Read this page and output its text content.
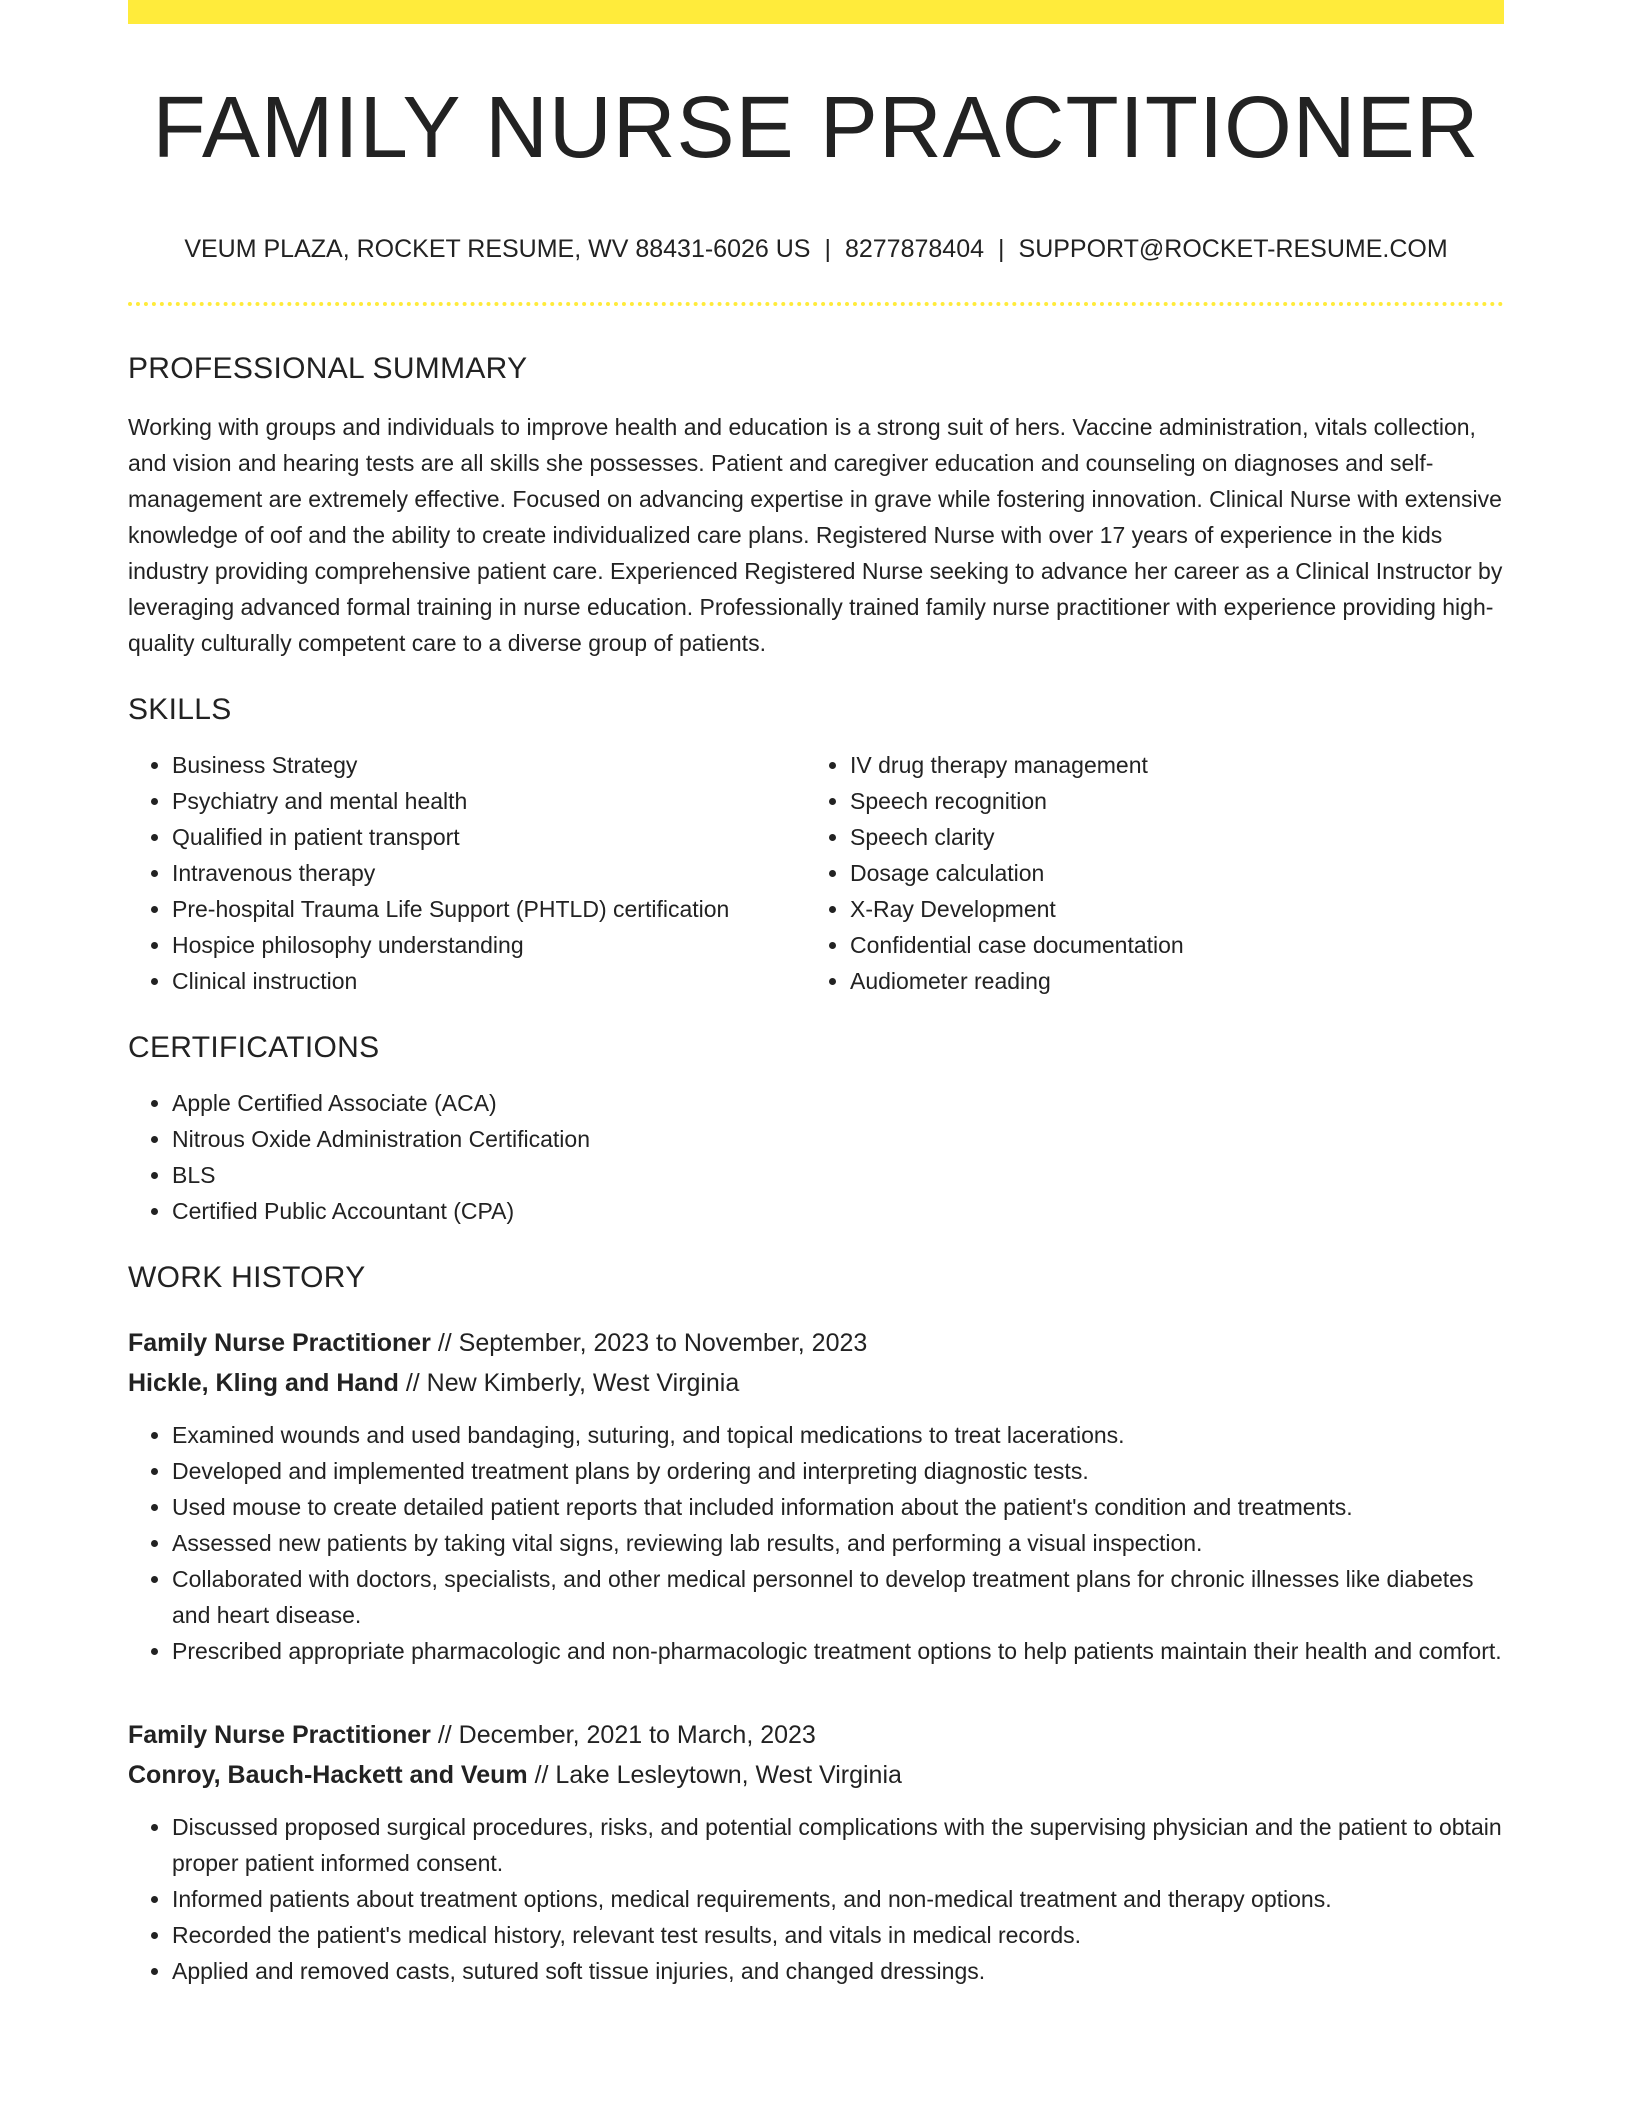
FAMILY NURSE PRACTITIONER
VEUM PLAZA, ROCKET RESUME, WV 88431-6026 US | 8277878404 | SUPPORT@ROCKET-RESUME.COM
PROFESSIONAL SUMMARY

Working with groups and individuals to improve health and education is a strong suit of hers. Vaccine administration, vitals collection, and vision and hearing tests are all skills she possesses. Patient and caregiver education and counseling on diagnoses and self-management are extremely effective. Focused on advancing expertise in grave while fostering innovation. Clinical Nurse with extensive knowledge of oof and the ability to create individualized care plans. Registered Nurse with over 17 years of experience in the kids industry providing comprehensive patient care. Experienced Registered Nurse seeking to advance her career as a Clinical Instructor by leveraging advanced formal training in nurse education. Professionally trained family nurse practitioner with experience providing high-quality culturally competent care to a diverse group of patients.

SKILLS
• Business Strategy
• Psychiatry and mental health
• Qualified in patient transport
• Intravenous therapy
• Pre-hospital Trauma Life Support (PHTLD) certification
• Hospice philosophy understanding
• Clinical instruction
• IV drug therapy management
• Speech recognition
• Speech clarity
• Dosage calculation
• X-Ray Development
• Confidential case documentation
• Audiometer reading
CERTIFICATIONS
• Apple Certified Associate (ACA)
• Nitrous Oxide Administration Certification
• BLS
• Certified Public Accountant (CPA)
WORK HISTORY
Family Nurse Practitioner // September, 2023 to November, 2023
Hickle, Kling and Hand // New Kimberly, West Virginia
• Examined wounds and used bandaging, suturing, and topical medications to treat lacerations.
• Developed and implemented treatment plans by ordering and interpreting diagnostic tests.
• Used mouse to create detailed patient reports that included information about the patient's condition and treatments.
• Assessed new patients by taking vital signs, reviewing lab results, and performing a visual inspection.
• Collaborated with doctors, specialists, and other medical personnel to develop treatment plans for chronic illnesses like diabetes and heart disease.
• Prescribed appropriate pharmacologic and non-pharmacologic treatment options to help patients maintain their health and comfort.
Family Nurse Practitioner // December, 2021 to March, 2023
Conroy, Bauch-Hackett and Veum // Lake Lesleytown, West Virginia
• Discussed proposed surgical procedures, risks, and potential complications with the supervising physician and the patient to obtain proper patient informed consent.
• Informed patients about treatment options, medical requirements, and non-medical treatment and therapy options.
• Recorded the patient's medical history, relevant test results, and vitals in medical records.
• Applied and removed casts, sutured soft tissue injuries, and changed dressings.
